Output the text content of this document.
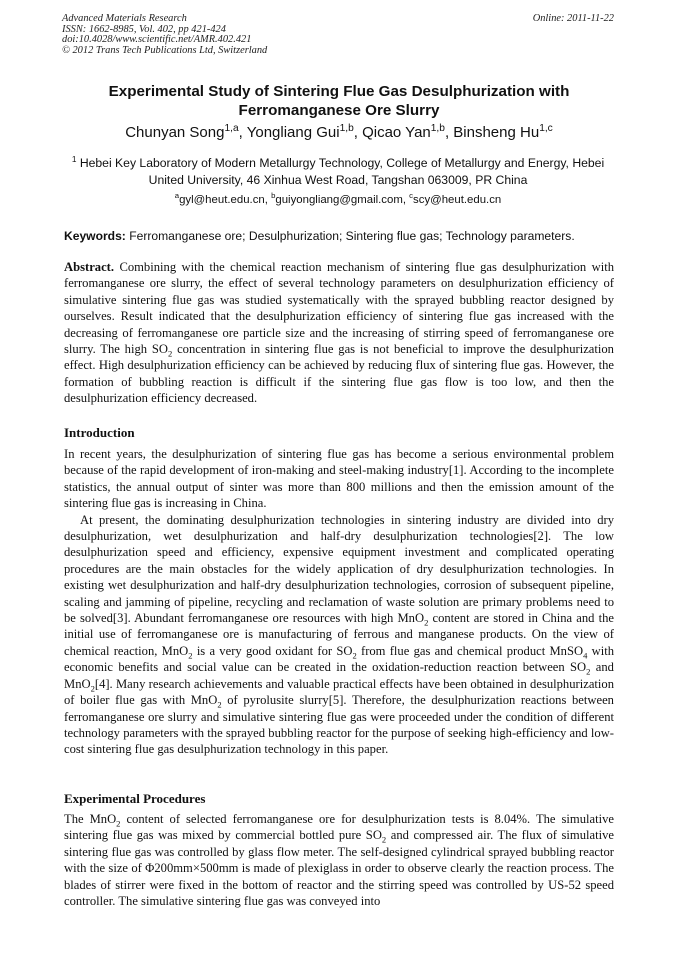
Advanced Materials Research
ISSN: 1662-8985, Vol. 402, pp 421-424
doi:10.4028/www.scientific.net/AMR.402.421
© 2012 Trans Tech Publications Ltd, Switzerland
Online: 2011-11-22
Experimental Study of Sintering Flue Gas Desulphurization with
Ferromanganese Ore Slurry
Chunyan Song$^{1,a}$, Yongliang Gui$^{1,b}$, Qicao Yan$^{1,b}$, Binsheng Hu$^{1,c}$
$^1$ Hebei Key Laboratory of Modern Metallurgy Technology, College of Metallurgy and Energy, Hebei
United University, 46 Xinhua West Road, Tangshan 063009, PR China
$^a$gyl@heut.edu.cn, $^b$guiyongliang@gmail.com, $^c$scy@heut.edu.cn
Keywords: Ferromanganese ore; Desulphurization; Sintering flue gas; Technology parameters.

Abstract. Combining with the chemical reaction mechanism of sintering flue gas desulphurization with ferromanganese ore slurry, the effect of several technology parameters on desulphurization efficiency of simulative sintering flue gas was studied systematically with the sprayed bubbling reactor designed by ourselves. Result indicated that the desulphurization efficiency of sintering flue gas increased with the decreasing of ferromanganese ore particle size and the increasing of stirring speed of ferromanganese ore slurry. The high $SO_2$ concentration in sintering flue gas is not beneficial to improve the desulphurization effect. High desulphurization efficiency can be achieved by reducing flux of sintering flue gas. However, the formation of bubbling reaction is difficult if the sintering flue gas flow is too low, and then the desulphurization efficiency decreased.

Introduction

In recent years, the desulphurization of sintering flue gas has become a serious environmental problem because of the rapid development of iron-making and steel-making industry[1]. According to the incomplete statistics, the annual output of sinter was more than 800 millions and then the emission amount of the sintering flue gas is increasing in China.

At present, the dominating desulphurization technologies in sintering industry are divided into dry desulphurization, wet desulphurization and half-dry desulphurization technologies[2]. The low desulphurization speed and efficiency, expensive equipment investment and complicated operating procedures are the main obstacles for the widely application of dry desulphurization technologies. In existing wet desulphurization and half-dry desulphurization technologies, corrosion of subsequent pipeline, scaling and jamming of pipeline, recycling and reclamation of waste solution are primary problems need to be solved[3]. Abundant ferromanganese ore resources with high MnO$_2$ content are stored in China and the initial use of ferromanganese ore is manufacturing of ferrous and manganese products. On the view of chemical reaction, MnO$_2$ is a very good oxidant for $SO_2$ from flue gas and chemical product MnSO$_4$ with economic benefits and social value can be created in the oxidation-reduction reaction between $SO_2$ and MnO$_2$[4]. Many research achievements and valuable practical effects have been obtained in desulphurization of boiler flue gas with MnO$_2$ of pyrolusite slurry[5]. Therefore, the desulphurization reactions between ferromanganese ore slurry and simulative sintering flue gas were proceeded under the condition of different technology parameters with the sprayed bubbling reactor for the purpose of seeking high-efficiency and low-cost sintering flue gas desulphurization technology in this paper.

Experimental Procedures

The MnO$_2$ content of selected ferromanganese ore for desulphurization tests is 8.04%. The simulative sintering flue gas was mixed by commercial bottled pure $SO_2$ and compressed air. The flux of simulative sintering flue gas was controlled by glass flow meter. The self-designed cylindrical sprayed bubbling reactor with the size of Φ200mm×500mm is made of plexiglass in order to observe clearly the reaction process. The blades of stirrer were fixed in the bottom of reactor and the stirring speed was controlled by US-52 speed controller. The simulative sintering flue gas was conveyed into
